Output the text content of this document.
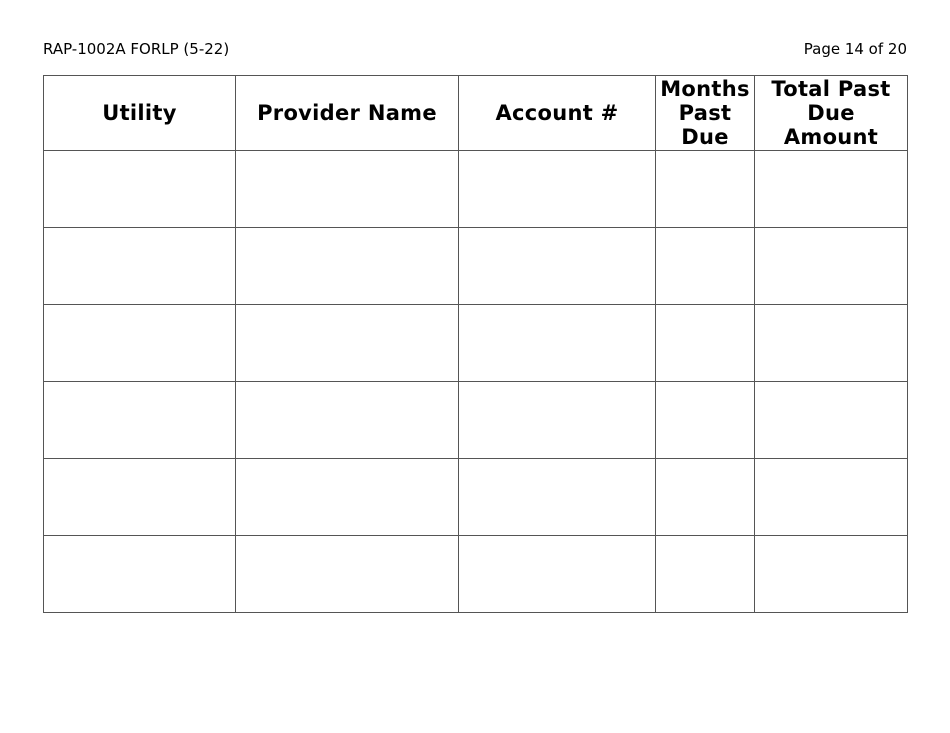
RAP-1002A FORLP (5-22)	Page 14 of 20
Utility	Provider Name	Account #	Months Past Due	Total Past Due Amount
